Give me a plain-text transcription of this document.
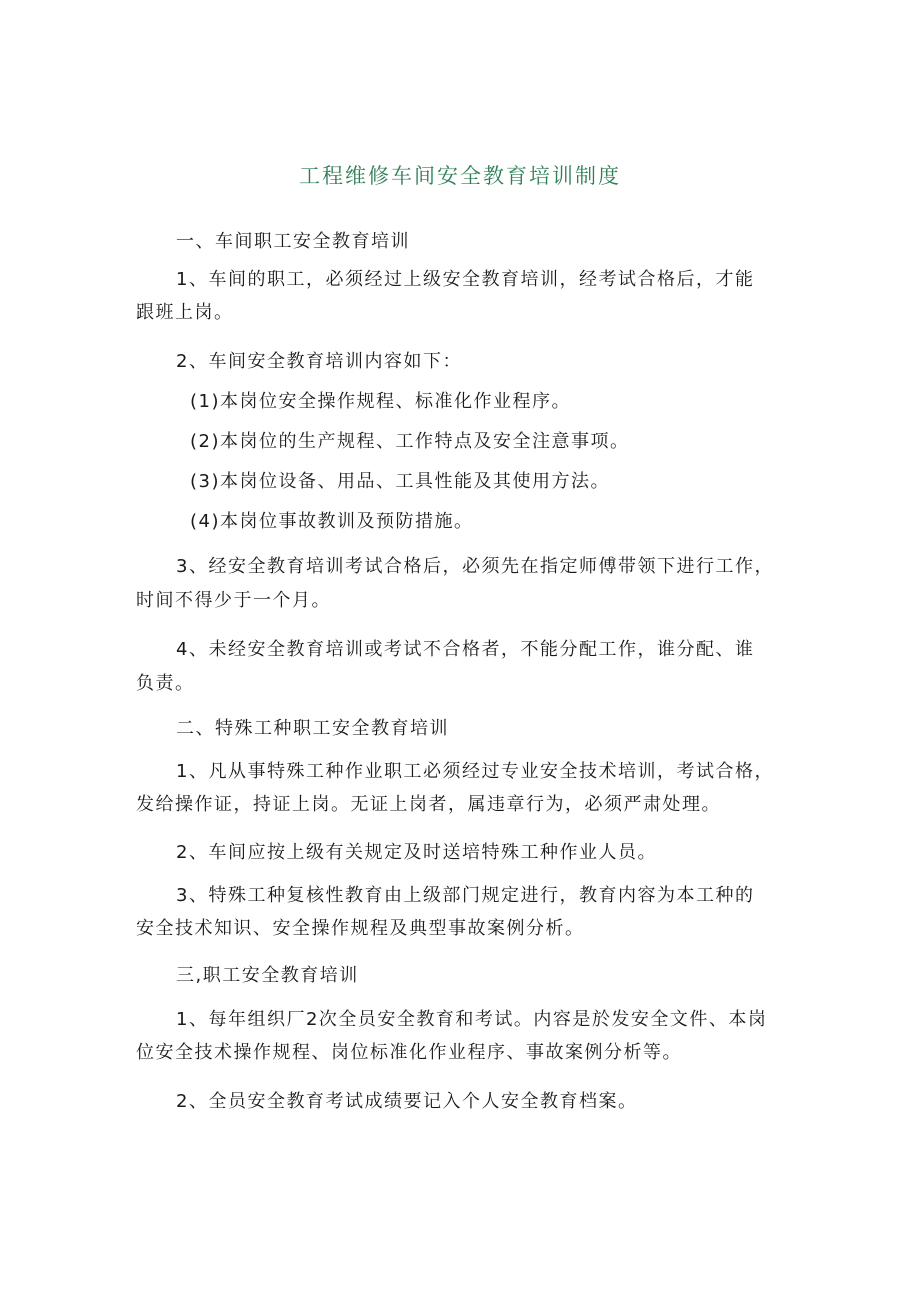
工程维修车间安全教育培训制度
一、车间职工安全教育培训
1、车间的职工，必须经过上级安全教育培训，经考试合格后，才能
跟班上岗。
2、车间安全教育培训内容如下：
(1)本岗位安全操作规程、标准化作业程序。
(2)本岗位的生产规程、工作特点及安全注意事项。
(3)本岗位设备、用品、工具性能及其使用方法。
(4)本岗位事故教训及预防措施。
3、经安全教育培训考试合格后，必须先在指定师傅带领下进行工作，
时间不得少于一个月。
4、未经安全教育培训或考试不合格者，不能分配工作，谁分配、谁
负责。
二、特殊工种职工安全教育培训
1、凡从事特殊工种作业职工必须经过专业安全技术培训，考试合格，
发给操作证，持证上岗。无证上岗者，属违章行为，必须严肃处理。
2、车间应按上级有关规定及时送培特殊工种作业人员。
3、特殊工种复核性教育由上级部门规定进行，教育内容为本工种的
安全技术知识、安全操作规程及典型事故案例分析。
三,职工安全教育培训
1、每年组织厂2次全员安全教育和考试。内容是於发安全文件、本岗
位安全技术操作规程、岗位标准化作业程序、事故案例分析等。
2、全员安全教育考试成绩要记入个人安全教育档案。
